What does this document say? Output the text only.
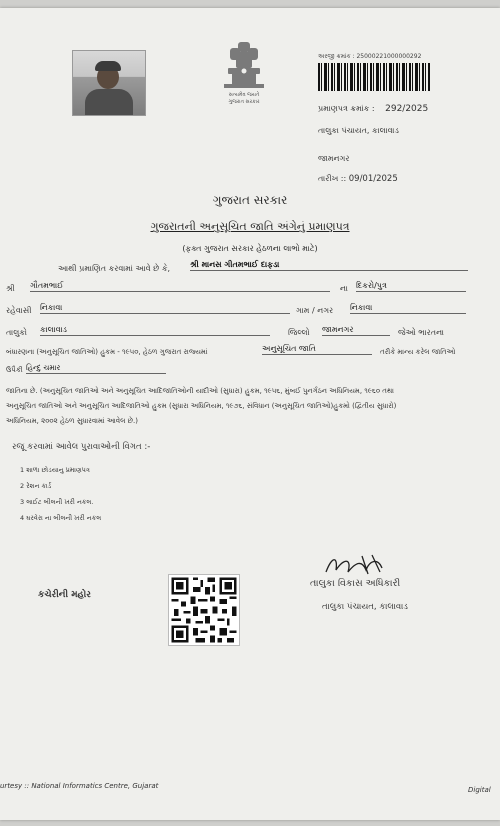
સત્યમેવ જયતે
ગુજરાત સરકાર
અરજી ક્રમાંક : 25000221000000292
પ્રમાણપત્ર ક્રમાંક : 292/2025
તાલુકા પંચાયત, કાલાવાડ
જામનગર
તારીખ :: 09/01/2025
ગુજરાત સરકાર
ગુજરાતની અનુસૂચિત જાતિ અંગેનું પ્રમાણપત્ર
(ફક્ત ગુજરાત સરકાર હેઠળના લાભો માટે)
આથી પ્રમાણિત કરવામાં આવે છે કે, શ્રી માનસ ગીતમભાઈ દાફડા
શ્રી ગૌતમભાઈ	ના દિકરો/પુત્ર
રહેવાસી નિકાવા	ગામ / નગર નિકાવા
તાલુકો કાલાવાડ	જિલ્લો જામનગર	જેઓ ભારતના
બંધારણના (અનુસૂચિત જાતિઓ) હુકમ - ૧૯૫૦, હેઠળ ગુજરાત રાજ્યમાં	અનુસૂચિત જાતિ	તરીકે માન્ય કરેલ જાતિઓ
ઉપૈકી હિન્દુ ચમાર
જાતિના છે. (અનુસૂચિત જાતિઓ અને અનુસૂચિત આદિજાતિઓની યાદીઓ (સુધારા) હુકમ, ૧૯૫૬, મુંબઈ પુનર્ગઠન અધિનિયમ, ૧૯૬૦ તથા
અનુસૂચિત જાતિઓ અને અનુસૂચિત આદિજાતિઓ હુકમ (સુધારા અધિનિયમ, ૧૯૭૬, સંવિધાન (અનુસૂચિત જાતિઓ)હુકમો (દ્વિતીય સુધારો)
અધિનિયમ, ૨૦૦૨ હેઠળ સુધારવામાં આવેલ છે.)
રજૂ કરવામાં આવેલ પુરાવાઓની વિગત :-
1 શાળા છોડયાનુ પ્રમાણપત્ર
2 રેશન કાર્ડ
3 લાઈટ બીલની ખરી નકલ.
4 ઘરવેરા ના બીલની ખરી નકલ
કચેરીની મહોર
તાલુકા વિકાસ અધિકારી
તાલુકા પંચાયત, કાલાવાડ
urtesy :: National Informatics Centre, Gujarat	Digital
